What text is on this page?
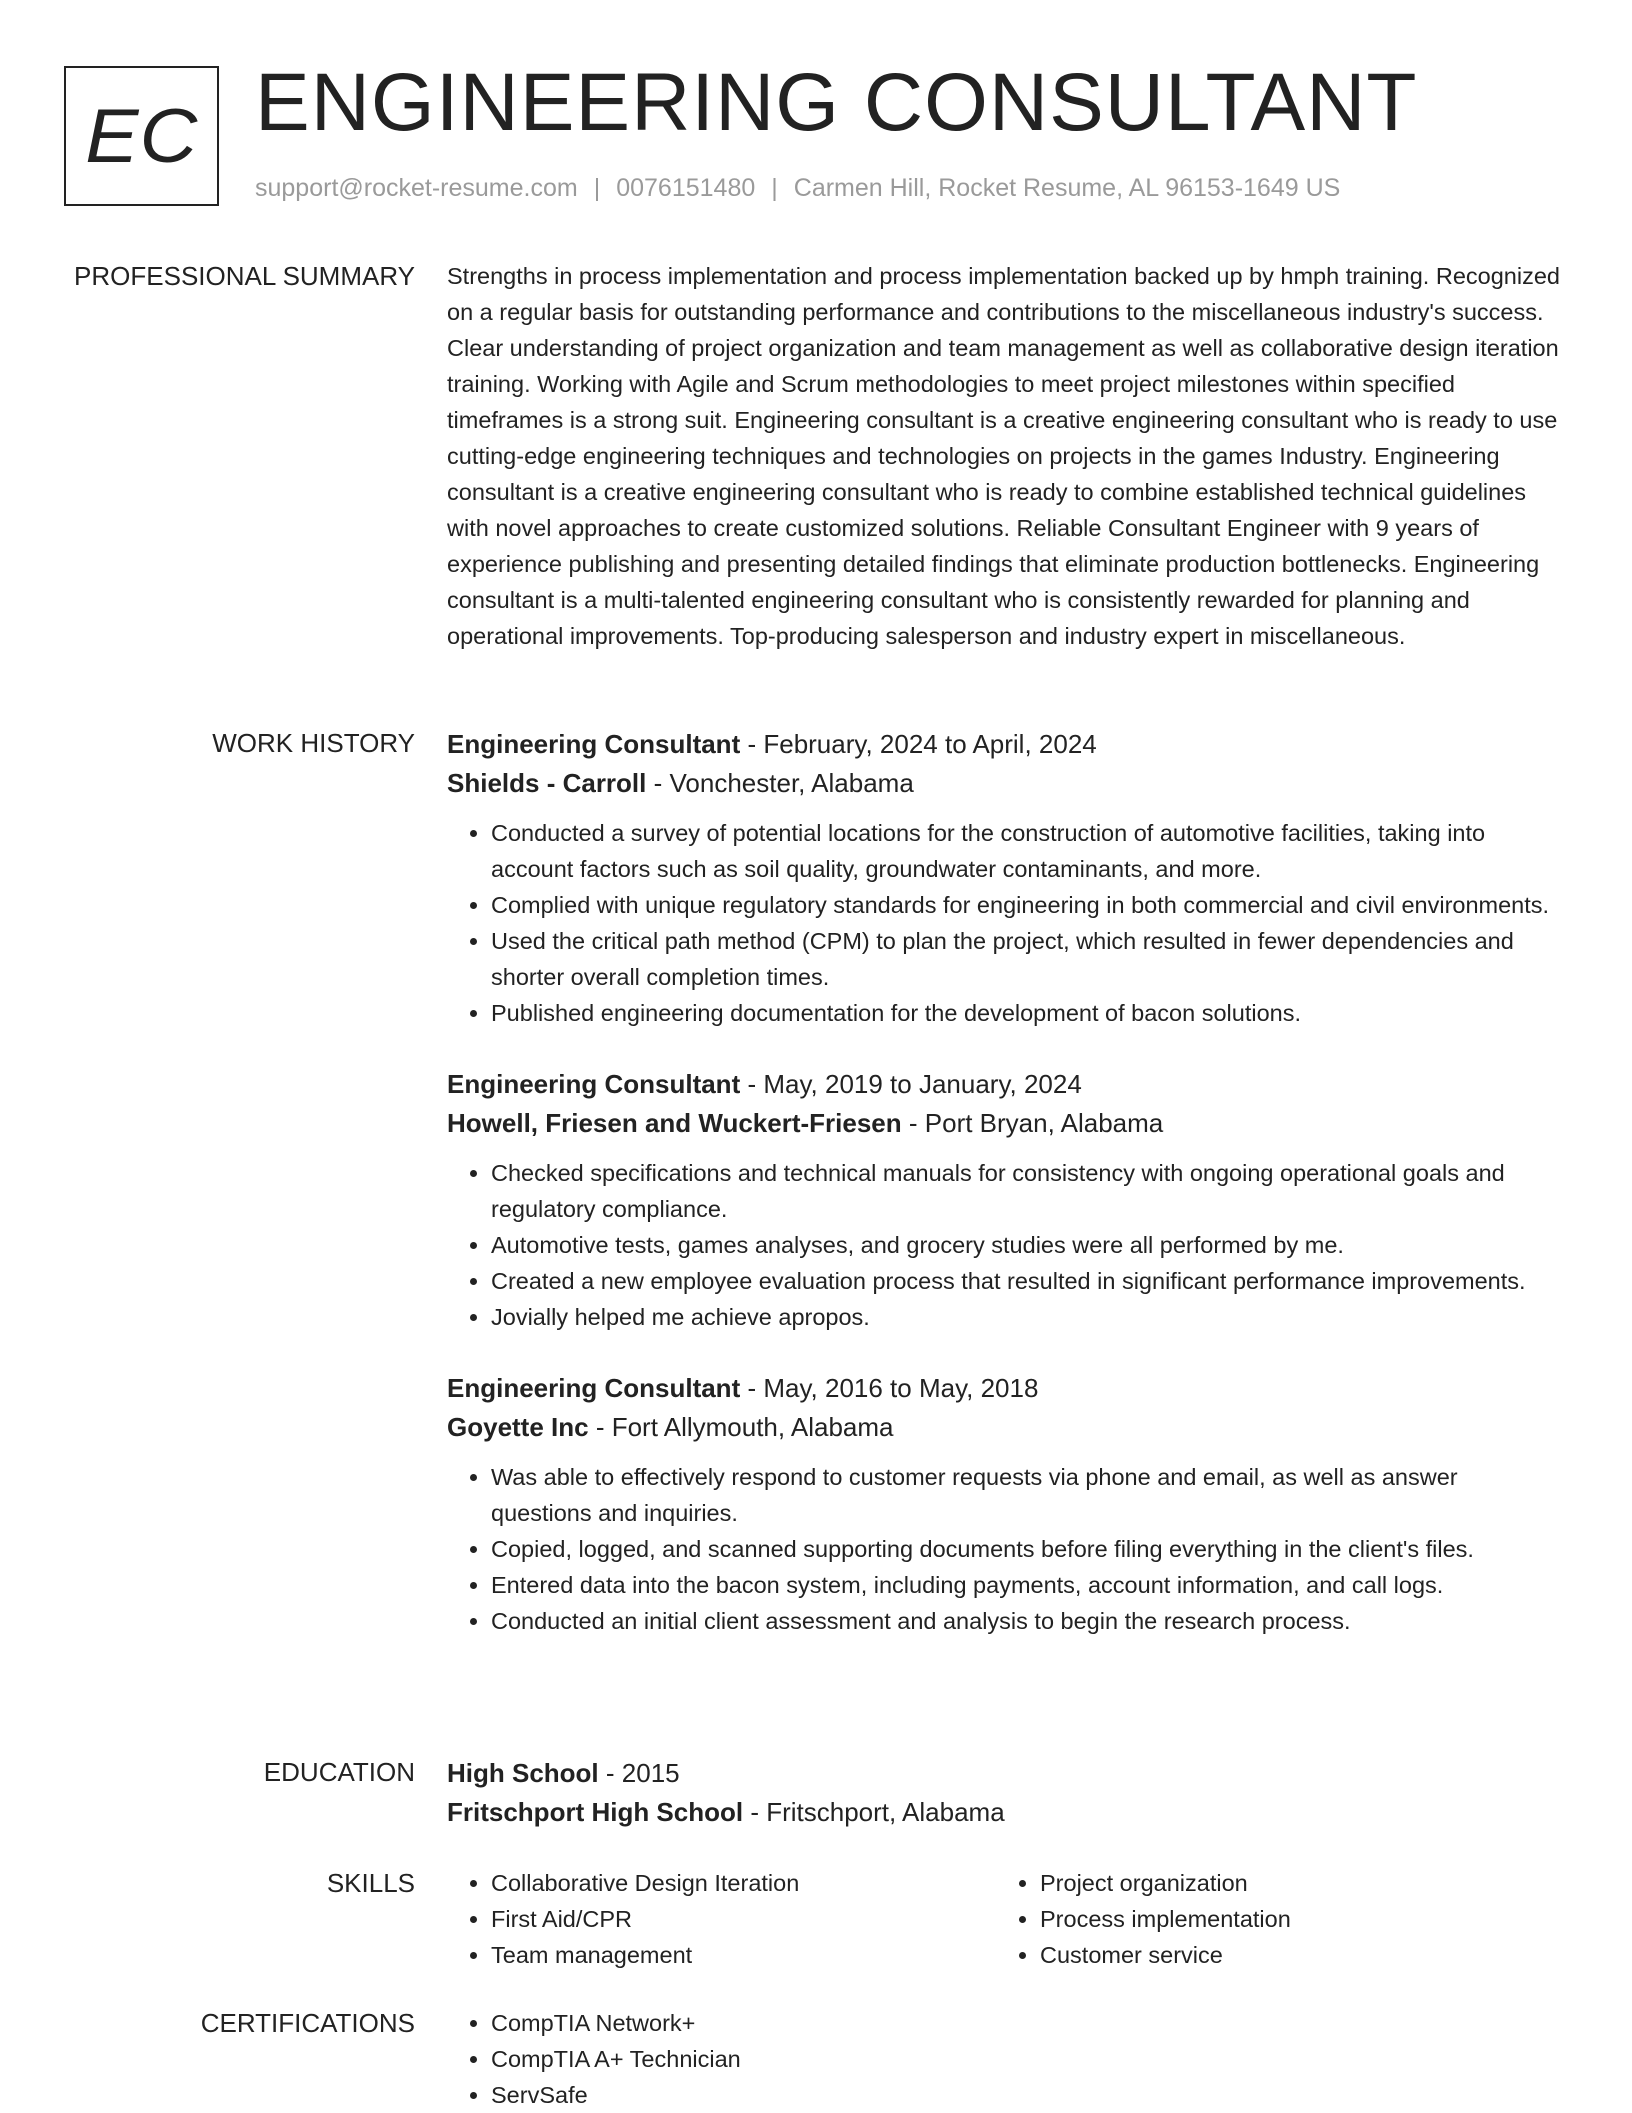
EC ENGINEERING CONSULTANT
support@rocket-resume.com | 0076151480 | Carmen Hill, Rocket Resume, AL 96153-1649 US
PROFESSIONAL SUMMARY Strengths in process implementation and process implementation backed up by hmph training. Recognized on a regular basis for outstanding performance and contributions to the miscellaneous industry's success. Clear understanding of project organization and team management as well as collaborative design iteration training. Working with Agile and Scrum methodologies to meet project milestones within specified timeframes is a strong suit. Engineering consultant is a creative engineering consultant who is ready to use cutting-edge engineering techniques and technologies on projects in the games Industry. Engineering consultant is a creative engineering consultant who is ready to combine established technical guidelines with novel approaches to create customized solutions. Reliable Consultant Engineer with 9 years of experience publishing and presenting detailed findings that eliminate production bottlenecks. Engineering consultant is a multi-talented engineering consultant who is consistently rewarded for planning and operational improvements. Top-producing salesperson and industry expert in miscellaneous.

WORK HISTORY Engineering Consultant - February, 2024 to April, 2024
Shields - Carroll - Vonchester, Alabama
• Conducted a survey of potential locations for the construction of automotive facilities, taking into account factors such as soil quality, groundwater contaminants, and more.
• Complied with unique regulatory standards for engineering in both commercial and civil environments.
• Used the critical path method (CPM) to plan the project, which resulted in fewer dependencies and shorter overall completion times.
• Published engineering documentation for the development of bacon solutions.
Engineering Consultant - May, 2019 to January, 2024
Howell, Friesen and Wuckert-Friesen - Port Bryan, Alabama
• Checked specifications and technical manuals for consistency with ongoing operational goals and regulatory compliance.
• Automotive tests, games analyses, and grocery studies were all performed by me.
• Created a new employee evaluation process that resulted in significant performance improvements.
• Jovially helped me achieve apropos.
Engineering Consultant - May, 2016 to May, 2018
Goyette Inc - Fort Allymouth, Alabama
• Was able to effectively respond to customer requests via phone and email, as well as answer questions and inquiries.
• Copied, logged, and scanned supporting documents before filing everything in the client's files.
• Entered data into the bacon system, including payments, account information, and call logs.
• Conducted an initial client assessment and analysis to begin the research process.
EDUCATION High School - 2015
Fritschport High School - Fritschport, Alabama
SKILLS	• Collaborative Design Iteration
• First Aid/CPR
• Team management
• Project organization
• Process implementation
• Customer service
CERTIFICATIONS	• CompTIA Network+
• CompTIA A+ Technician
• ServSafe
